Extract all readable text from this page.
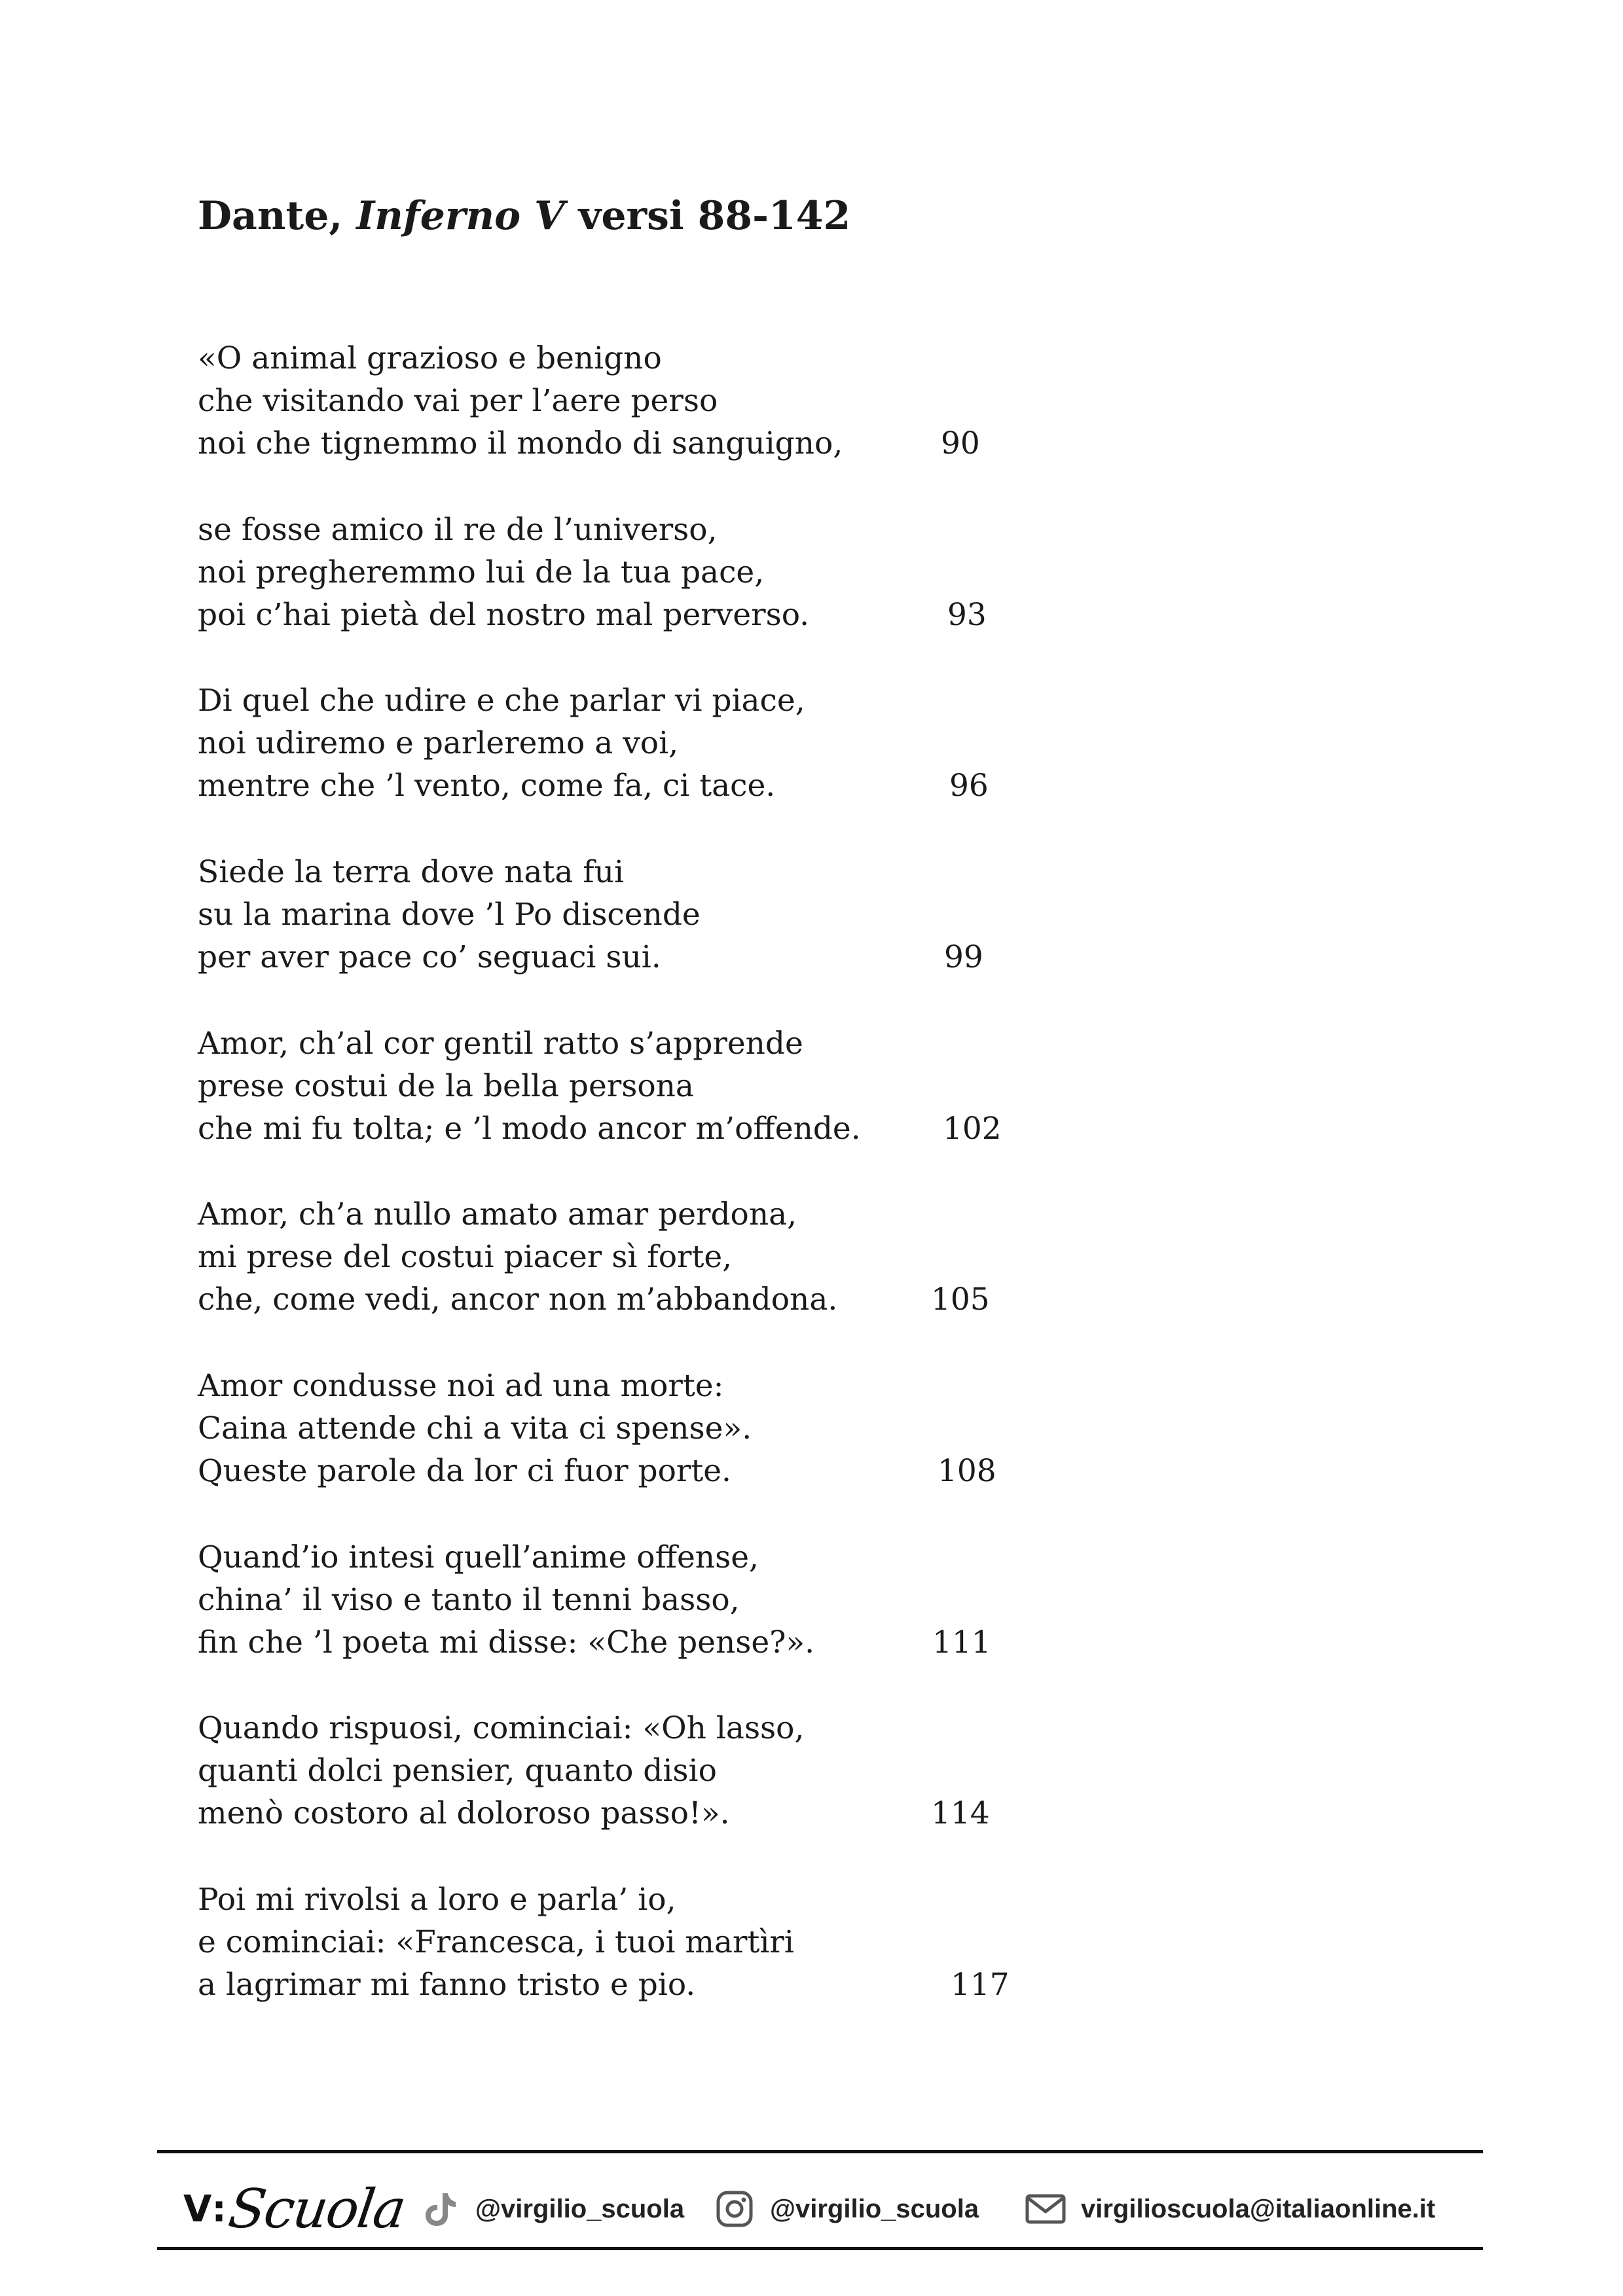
Dante, Inferno V versi 88-142
«O animal grazioso e benigno
che visitando vai per l’aere perso
noi che tignemmo il mondo di sanguigno,	90
se fosse amico il re de l’universo,
noi pregheremmo lui de la tua pace,
poi c’hai pietà del nostro mal perverso.	93
Di quel che udire e che parlar vi piace,
noi udiremo e parleremo a voi,
mentre che ’l vento, come fa, ci tace.	96
Siede la terra dove nata fui
su la marina dove ’l Po discende
per aver pace co’ seguaci sui.	99
Amor, ch’al cor gentil ratto s’apprende
prese costui de la bella persona
che mi fu tolta; e ’l modo ancor m’offende.	102
Amor, ch’a nullo amato amar perdona,
mi prese del costui piacer sì forte,
che, come vedi, ancor non m’abbandona.	105
Amor condusse noi ad una morte:
Caina attende chi a vita ci spense».
Queste parole da lor ci fuor porte.	108
Quand’io intesi quell’anime offense,
china’ il viso e tanto il tenni basso,
fin che ’l poeta mi disse: «Che pense?».	111
Quando rispuosi, cominciai: «Oh lasso,
quanti dolci pensier, quanto disio
menò costoro al doloroso passo!».	114
Poi mi rivolsi a loro e parla’ io,
e cominciai: «Francesca, i tuoi martìri
a lagrimar mi fanno tristo e pio.	117
V :
Scuola	@virgilio_scuola	@virgilio_scuola	virgilioscuola@italiaonline.it
